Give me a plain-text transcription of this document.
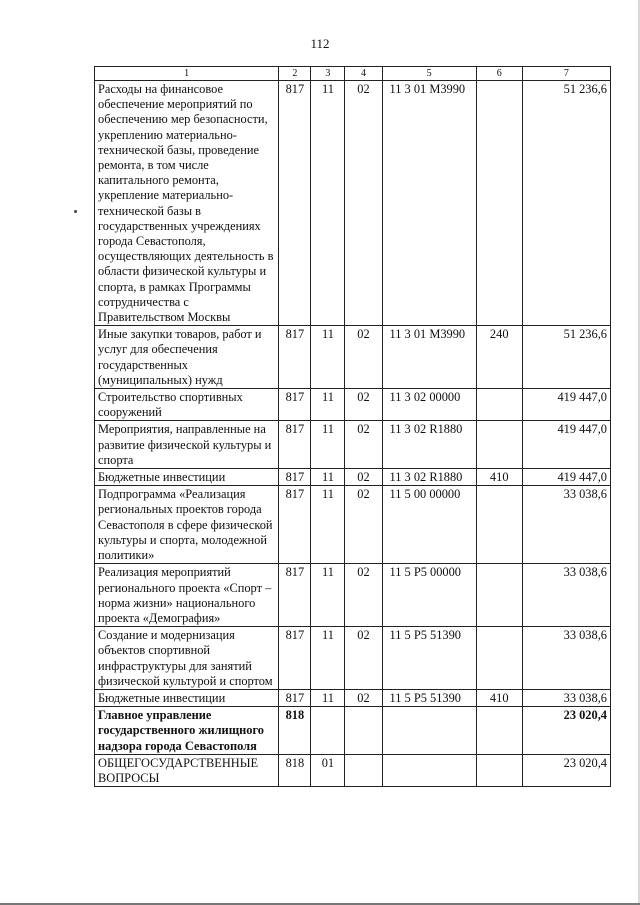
112
1	2	3	4	5	6	7
Расходы на финансовое обеспечение мероприятий по обеспечению мер безопасности, укреплению материально-технической базы, проведение ремонта, в том числе капитального ремонта, укрепление материально-технической базы в государственных учреждениях города Севастополя, осуществляющих деятельность в области физической культуры и спорта, в рамках Программы сотрудничества с Правительством Москвы	817	11	02	11 3 01 M3990		51 236,6
Иные закупки товаров, работ и услуг для обеспечения государственных (муниципальных) нужд	817	11	02	11 3 01 M3990	240	51 236,6
Строительство спортивных сооружений	817	11	02	11 3 02 00000		419 447,0
Мероприятия, направленные на развитие физической культуры и спорта	817	11	02	11 3 02 R1880		419 447,0
Бюджетные инвестиции	817	11	02	11 3 02 R1880	410	419 447,0
Подпрограмма «Реализация региональных проектов города Севастополя в сфере физической культуры и спорта, молодежной политики»	817	11	02	11 5 00 00000		33 038,6
Реализация мероприятий регионального проекта «Спорт – норма жизни» национального проекта «Демография»	817	11	02	11 5 P5 00000		33 038,6
Создание и модернизация объектов спортивной инфраструктуры для занятий физической культурой и спортом	817	11	02	11 5 P5 51390		33 038,6
Бюджетные инвестиции	817	11	02	11 5 P5 51390	410	33 038,6
Главное управление государственного жилищного надзора города Севастополя	818					23 020,4
ОБЩЕГОСУДАРСТВЕННЫЕ ВОПРОСЫ	818	01				23 020,4
